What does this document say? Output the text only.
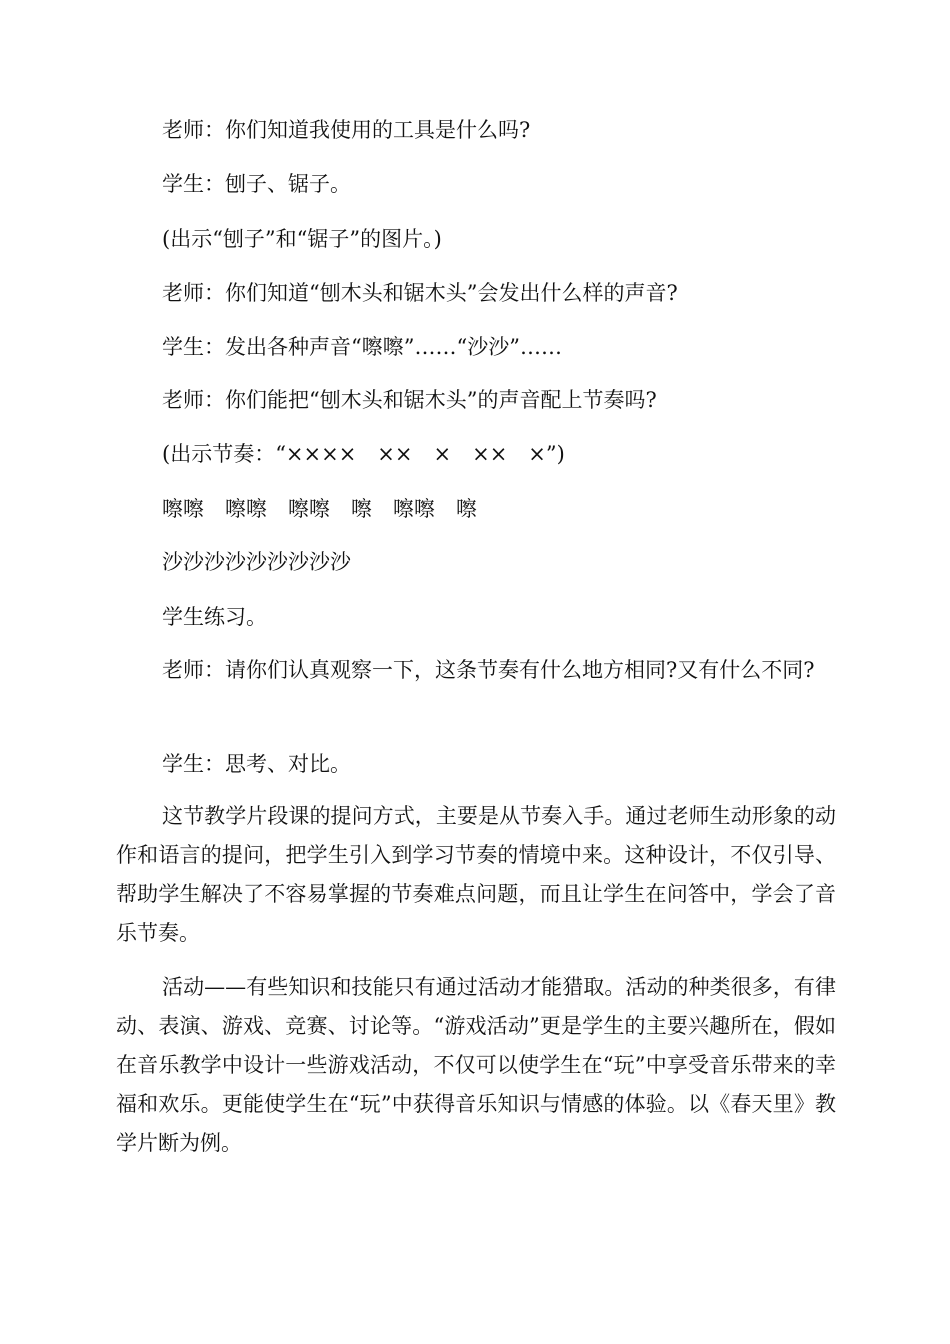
老师：你们知道我使用的工具是什么吗?

学生：刨子、锯子。

(出示“刨子”和“锯子”的图片。)

老师：你们知道“刨木头和锯木头”会发出什么样的声音?

学生：发出各种声音“嚓嚓”……“沙沙”……

老师：你们能把“刨木头和锯木头”的声音配上节奏吗?

(出示节奏：“××××　××　×　××　×”)

嚓嚓　嚓嚓　嚓嚓　嚓　嚓嚓　嚓

沙沙沙沙沙沙沙沙沙

学生练习。

老师：请你们认真观察一下，这条节奏有什么地方相同?又有什么不同?

学生：思考、对比。

这节教学片段课的提问方式，主要是从节奏入手。通过老师生动形象的动作和语言的提问，把学生引入到学习节奏的情境中来。这种设计，不仅引导、帮助学生解决了不容易掌握的节奏难点问题，而且让学生在问答中，学会了音乐节奏。

活动——有些知识和技能只有通过活动才能猎取。活动的种类很多，有律动、表演、游戏、竞赛、讨论等。“游戏活动”更是学生的主要兴趣所在，假如在音乐教学中设计一些游戏活动，不仅可以使学生在“玩”中享受音乐带来的幸福和欢乐。更能使学生在“玩”中获得音乐知识与情感的体验。以《春天里》教学片断为例。
